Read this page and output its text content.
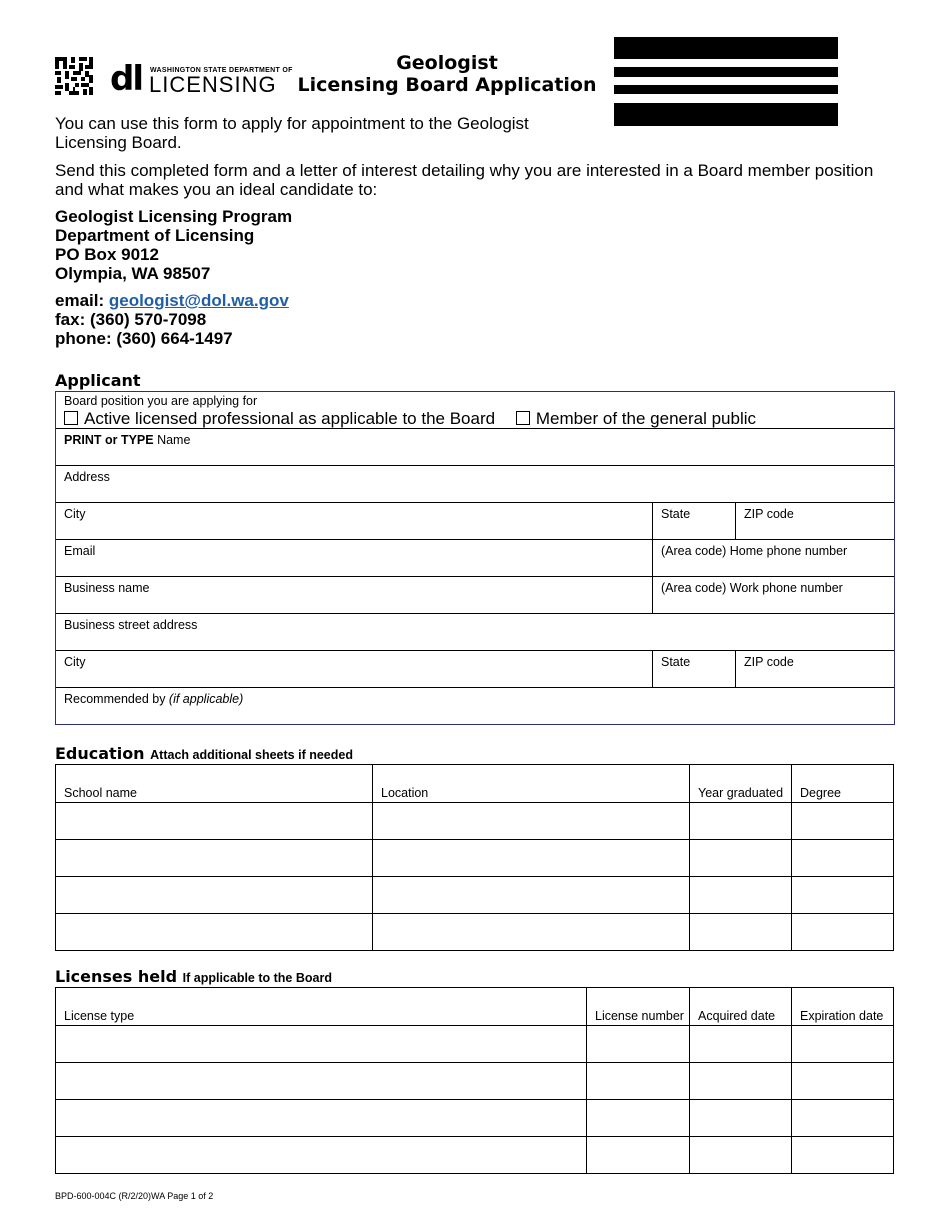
dl WASHINGTON STATE DEPARTMENT OF
LICENSING
Geologist
Licensing Board Application
You can use this form to apply for appointment to the Geologist Licensing Board.
Send this completed form and a letter of interest detailing why you are interested in a Board member position and what makes you an ideal candidate to:
Geologist Licensing Program
Department of Licensing
PO Box 9012
Olympia, WA 98507
email: geologist@dol.wa.gov
fax: (360) 570-7098
phone: (360) 664-1497
Applicant
Board position you are applying for
Active licensed professional as applicable to the Board Member of the general public
PRINT or TYPE Name
Address
City	State	ZIP code
Email	(Area code) Home phone number
Business name	(Area code) Work phone number
Business street address
City	State	ZIP code
Recommended by (if applicable)
Education Attach additional sheets if needed
School name	Location	Year graduated	Degree

Licenses held If applicable to the Board
License type	License number	Acquired date	Expiration date

BPD-600-004C (R/2/20)WA Page 1 of 2
